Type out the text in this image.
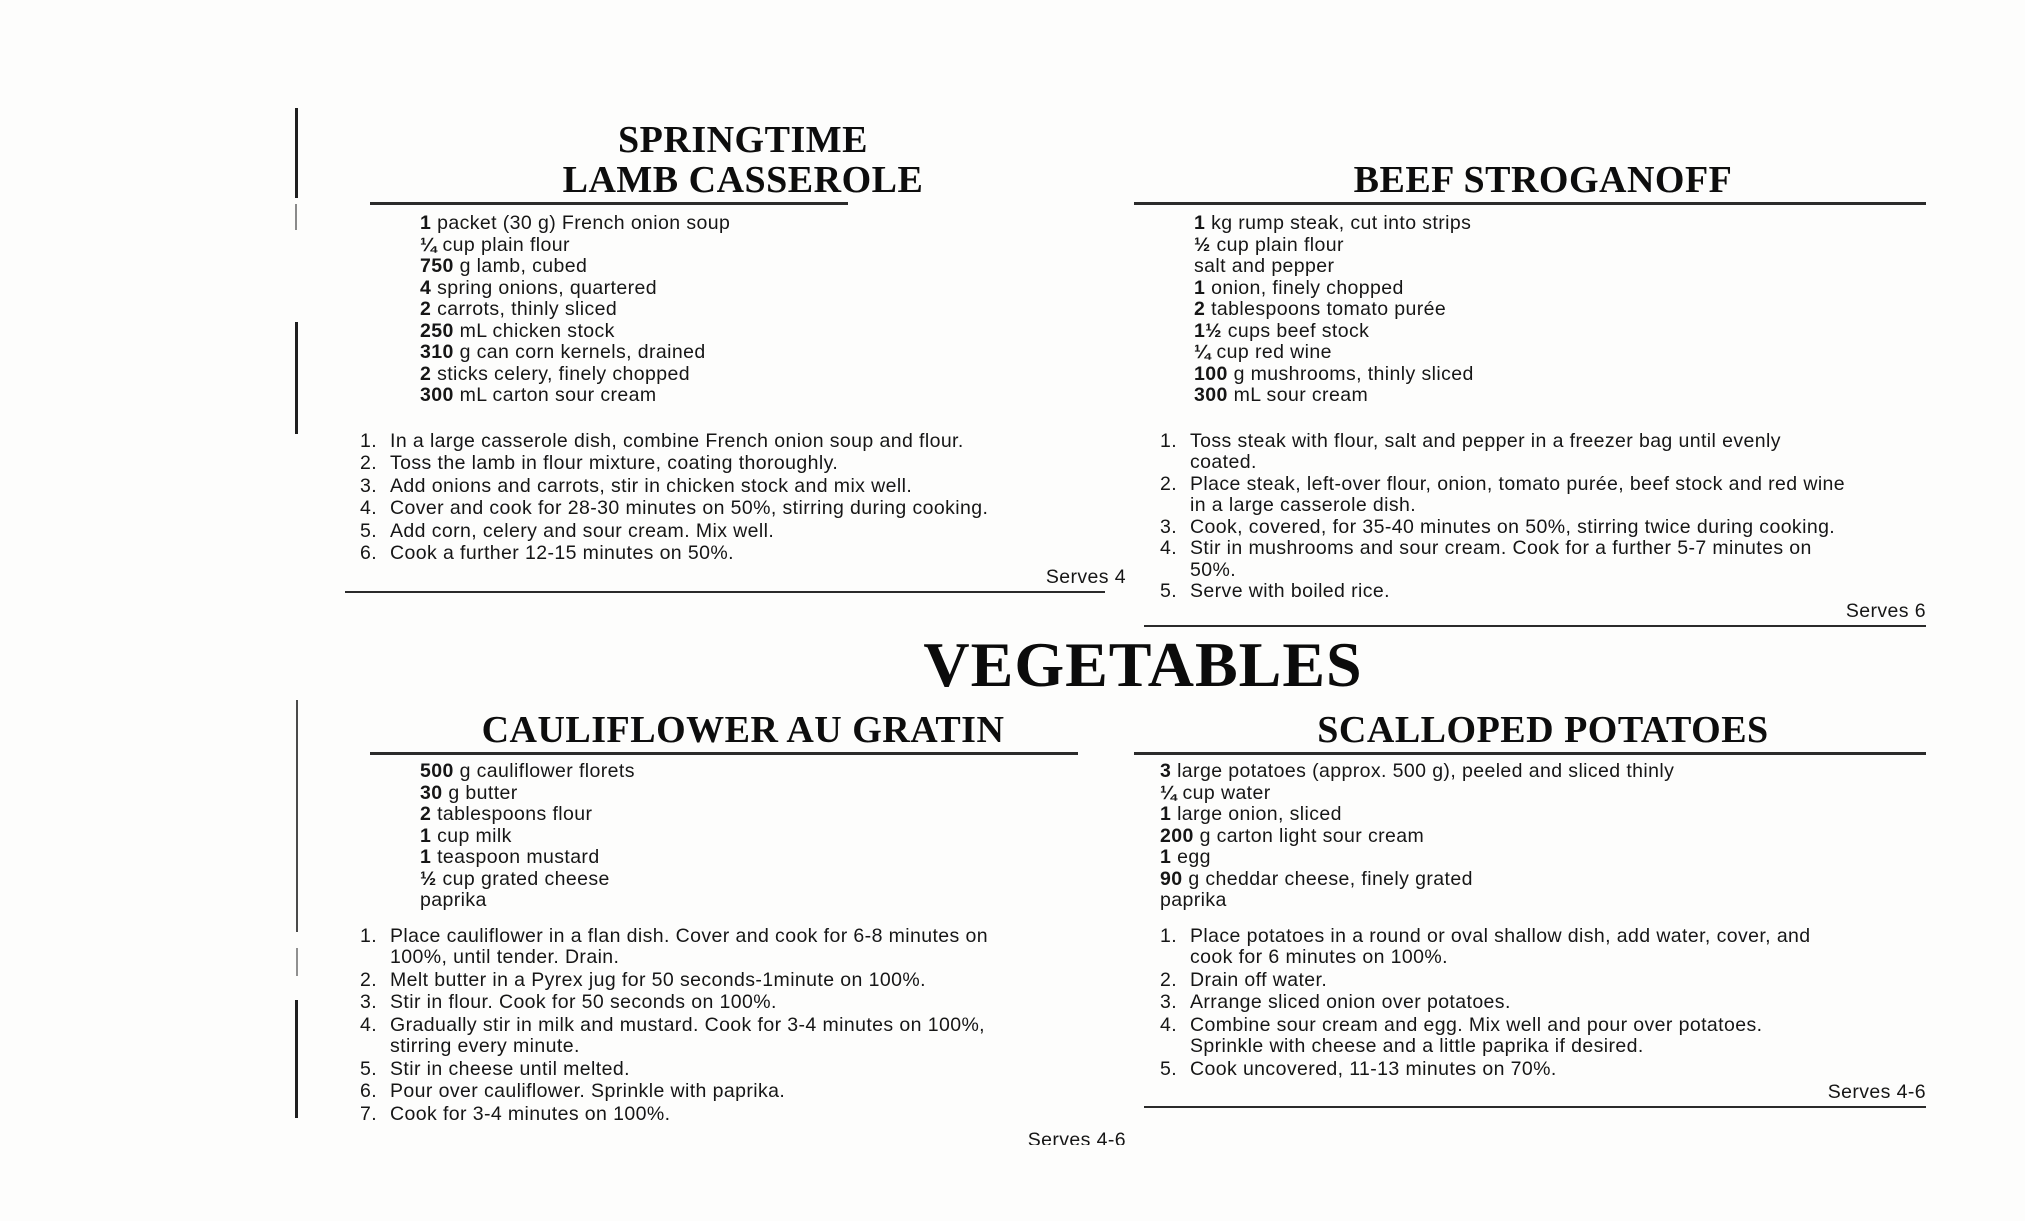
SPRINGTIME
LAMB CASSEROLE
1 packet (30 g) French onion soup
¼ cup plain flour
750 g lamb, cubed
4 spring onions, quartered
2 carrots, thinly sliced
250 mL chicken stock
310 g can corn kernels, drained
2 sticks celery, finely chopped
300 mL carton sour cream
1. In a large casserole dish, combine French onion soup and flour.
2. Toss the lamb in flour mixture, coating thoroughly.
3. Add onions and carrots, stir in chicken stock and mix well.
4. Cover and cook for 28-30 minutes on 50%, stirring during cooking.
5. Add corn, celery and sour cream. Mix well.
6. Cook a further 12-15 minutes on 50%.
Serves 4
BEEF STROGANOFF
1 kg rump steak, cut into strips
½ cup plain flour
salt and pepper
1 onion, finely chopped
2 tablespoons tomato purée
1½ cups beef stock
¼ cup red wine
100 g mushrooms, thinly sliced
300 mL sour cream
1. Toss steak with flour, salt and pepper in a freezer bag until evenly
coated.
2. Place steak, left-over flour, onion, tomato purée, beef stock and red wine
in a large casserole dish.
3. Cook, covered, for 35-40 minutes on 50%, stirring twice during cooking.
4. Stir in mushrooms and sour cream. Cook for a further 5-7 minutes on
50%.
5. Serve with boiled rice.
Serves 6
VEGETABLES
CAULIFLOWER AU GRATIN
500 g cauliflower florets
30 g butter
2 tablespoons flour
1 cup milk
1 teaspoon mustard
½ cup grated cheese
paprika
1. Place cauliflower in a flan dish. Cover and cook for 6-8 minutes on
100%, until tender. Drain.
2. Melt butter in a Pyrex jug for 50 seconds-1minute on 100%.
3. Stir in flour. Cook for 50 seconds on 100%.
4. Gradually stir in milk and mustard. Cook for 3-4 minutes on 100%,
stirring every minute.
5. Stir in cheese until melted.
6. Pour over cauliflower. Sprinkle with paprika.
7. Cook for 3-4 minutes on 100%.
Serves 4-6
SCALLOPED POTATOES
3 large potatoes (approx. 500 g), peeled and sliced thinly
¼ cup water
1 large onion, sliced
200 g carton light sour cream
1 egg
90 g cheddar cheese, finely grated
paprika
1. Place potatoes in a round or oval shallow dish, add water, cover, and
cook for 6 minutes on 100%.
2. Drain off water.
3. Arrange sliced onion over potatoes.
4. Combine sour cream and egg. Mix well and pour over potatoes.
Sprinkle with cheese and a little paprika if desired.
5. Cook uncovered, 11-13 minutes on 70%.
Serves 4-6
